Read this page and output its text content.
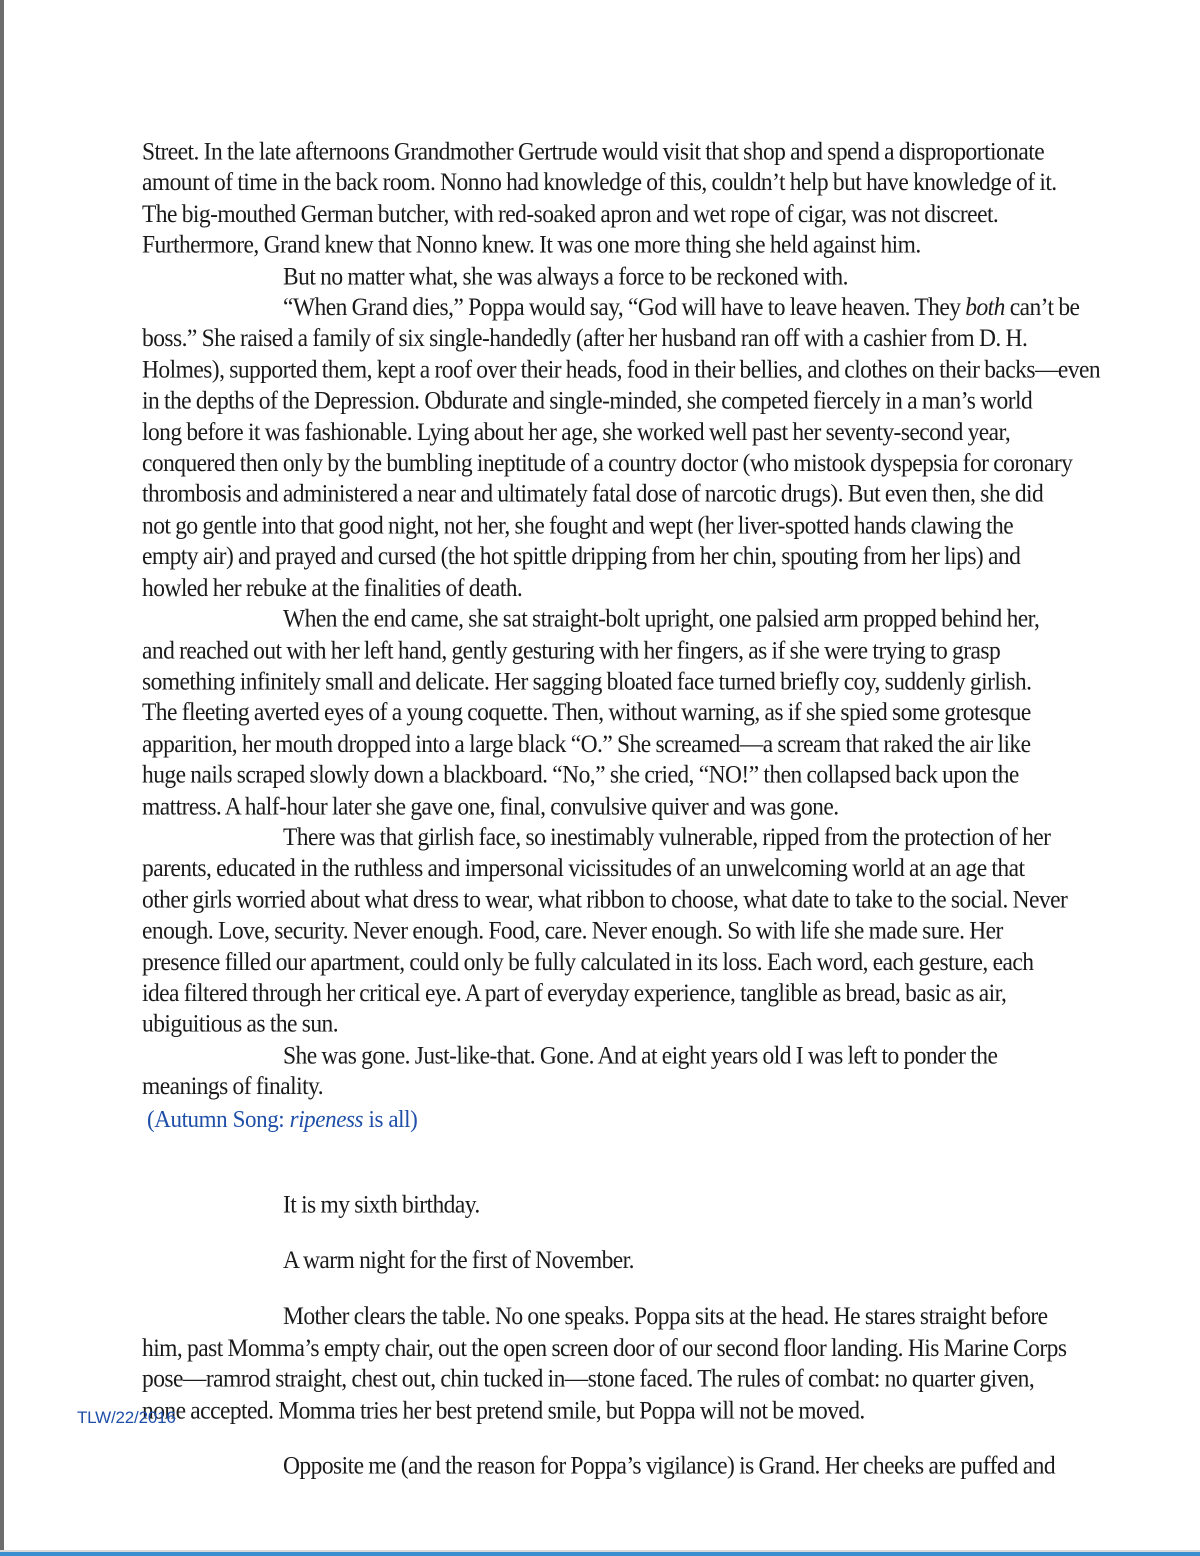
Street. In the late afternoons Grandmother Gertrude would visit that shop and spend a disproportionate
amount of time in the back room. Nonno had knowledge of this, couldn’t help but have knowledge of it.
The big-mouthed German butcher, with red-soaked apron and wet rope of cigar, was not discreet.
Furthermore, Grand knew that Nonno knew. It was one more thing she held against him.

But no matter what, she was always a force to be reckoned with.

“When Grand dies,” Poppa would say, “God will have to leave heaven. They both can’t be
boss.” She raised a family of six single-handedly (after her husband ran off with a cashier from D. H.
Holmes), supported them, kept a roof over their heads, food in their bellies, and clothes on their backs—even
in the depths of the Depression. Obdurate and single-minded, she competed fiercely in a man’s world
long before it was fashionable. Lying about her age, she worked well past her seventy-second year,
conquered then only by the bumbling ineptitude of a country doctor (who mistook dyspepsia for coronary
thrombosis and administered a near and ultimately fatal dose of narcotic drugs). But even then, she did
not go gentle into that good night, not her, she fought and wept (her liver-spotted hands clawing the
empty air) and prayed and cursed (the hot spittle dripping from her chin, spouting from her lips) and
howled her rebuke at the finalities of death.

When the end came, she sat straight-bolt upright, one palsied arm propped behind her,
and reached out with her left hand, gently gesturing with her fingers, as if she were trying to grasp
something infinitely small and delicate. Her sagging bloated face turned briefly coy, suddenly girlish.
The fleeting averted eyes of a young coquette. Then, without warning, as if she spied some grotesque
apparition, her mouth dropped into a large black “O.” She screamed—a scream that raked the air like
huge nails scraped slowly down a blackboard. “No,” she cried, “NO!” then collapsed back upon the
mattress. A half-hour later she gave one, final, convulsive quiver and was gone.

There was that girlish face, so inestimably vulnerable, ripped from the protection of her
parents, educated in the ruthless and impersonal vicissitudes of an unwelcoming world at an age that
other girls worried about what dress to wear, what ribbon to choose, what date to take to the social. Never
enough. Love, security. Never enough. Food, care. Never enough. So with life she made sure. Her
presence filled our apartment, could only be fully calculated in its loss. Each word, each gesture, each
idea filtered through her critical eye. A part of everyday experience, tanglible as bread, basic as air,
ubiguitious as the sun.

She was gone. Just-like-that. Gone. And at eight years old I was left to ponder the
meanings of finality.

(Autumn Song: ripeness is all)

It is my sixth birthday.

A warm night for the first of November.

Mother clears the table. No one speaks. Poppa sits at the head. He stares straight before
him, past Momma’s empty chair, out the open screen door of our second floor landing. His Marine Corps
pose—ramrod straight, chest out, chin tucked in—stone faced. The rules of combat: no quarter given,
none accepted. Momma tries her best pretend smile, but Poppa will not be moved.

Opposite me (and the reason for Poppa’s vigilance) is Grand. Her cheeks are puffed and

TLW/22/2016
